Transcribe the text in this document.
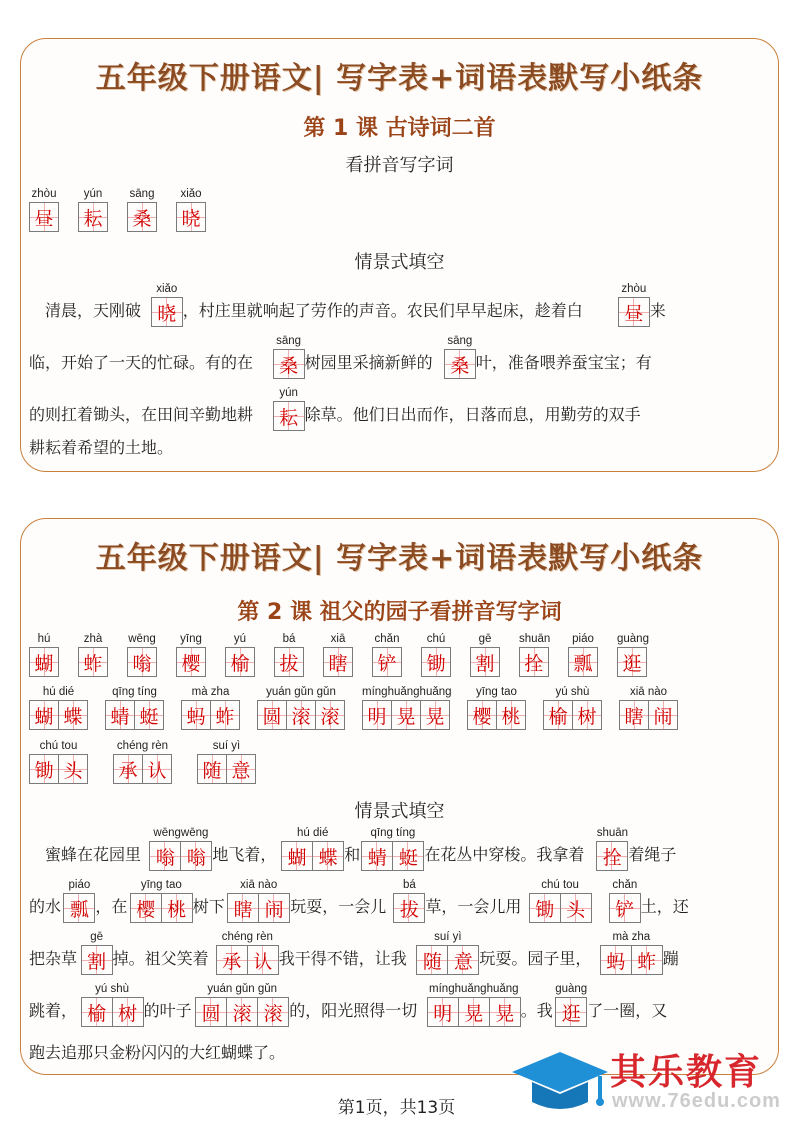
五年级下册语文| 写字表+词语表默写小纸条
第 1 课 古诗词二首
看拼音写字词
zhòu
昼
yún
耘
sāng
桑
xiǎo
晓
情景式填空
　清晨，天刚破
xiǎo
晓 ，村庄里就响起了劳作的声音。农民们早早起床，趁着白
zhòu
昼 来
临，开始了一天的忙碌。有的在
sāng
桑 树园里采摘新鲜的
sāng
桑 叶，准备喂养蚕宝宝；有
的则扛着锄头，在田间辛勤地耕
yún
耘 除草。他们日出而作，日落而息，用勤劳的双手
耕耘着希望的土地。
五年级下册语文| 写字表+词语表默写小纸条
第 2 课 祖父的园子看拼音写字词
hú
蝴
zhà
蚱
wēng
嗡
yīng
樱
yú
榆
bá
拔
xiā
瞎
chǎn
铲
chú
锄
gē
割
shuān
拴
piáo
瓢
guàng
逛
hú dié
蝴 蝶
qīng tíng
蜻 蜓
mà zha
蚂 蚱
yuán gǔn gǔn
圆 滚 滚
mínghuǎnghuǎng
明 晃 晃
yīng tao
樱 桃
yú shù
榆 树
xiā nào
瞎 闹
chú tou
锄 头
chéng rèn
承 认
suí yì
随 意
情景式填空
　蜜蜂在花园里
wēngwēng
嗡 嗡 地飞着，
hú dié
蝴 蝶 和
qīng tíng
蜻 蜓 在花丛中穿梭。我拿着
shuān
拴 着绳子
的水
piáo
瓢 ，在
yīng tao
樱 桃 树下
xiā nào
瞎 闹 玩耍，一会儿
bá
拔 草，一会儿用
chú tou
锄 头
chǎn
铲 土，还
把杂草
gē
割 掉。祖父笑着
chéng rèn
承 认 我干得不错，让我
suí yì
随 意 玩耍。园子里，
mà zha
蚂 蚱 蹦
跳着，
yú shù
榆 树 的叶子
yuán gǔn gǔn
圆 滚 滚 的，阳光照得一切
mínghuǎnghuǎng
明 晃 晃 。我
guàng
逛 了一圈，又
跑去追那只金粉闪闪的大红蝴蝶了。
第1页，共13页
其乐教育
www.76edu.com
